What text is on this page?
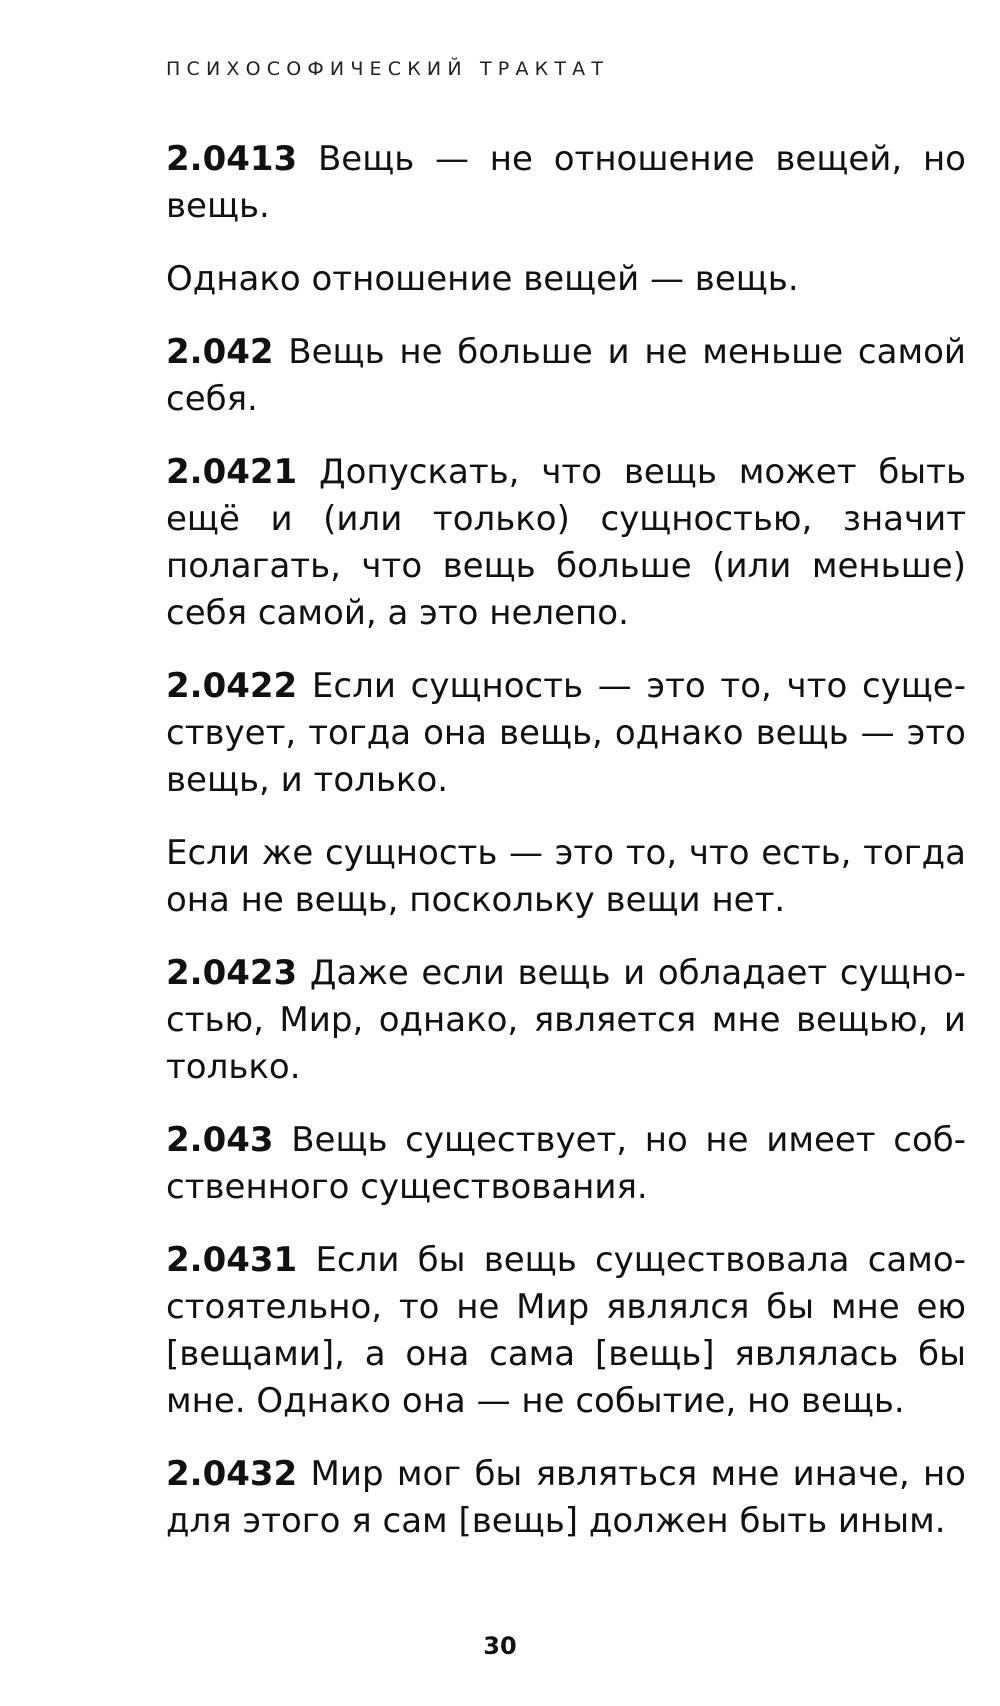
ПСИХОСОФИЧЕСКИЙ ТРАКТАТ

2.0413 Вещь — не отношение вещей, но вещь.

Однако отношение вещей — вещь.

2.042 Вещь не больше и не меньше самой себя.

2.0421 Допускать, что вещь может быть ещё и (или только) сущностью, значит полагать, что вещь больше (или меньше) себя самой, а это нелепо.

2.0422 Если сущность — это то, что существует, тогда она вещь, однако вещь — это вещь, и только.

Если же сущность — это то, что есть, тогда она не вещь, поскольку вещи нет.

2.0423 Даже если вещь и обладает сущностью, Мир, однако, является мне вещью, и только.

2.043 Вещь существует, но не имеет собственного существования.

2.0431 Если бы вещь существовала самостоятельно, то не Мир являлся бы мне ею [вещами], а она сама [вещь] являлась бы мне. Однако она — не событие, но вещь.

2.0432 Мир мог бы являться мне иначе, но для этого я сам [вещь] должен быть иным.

30
